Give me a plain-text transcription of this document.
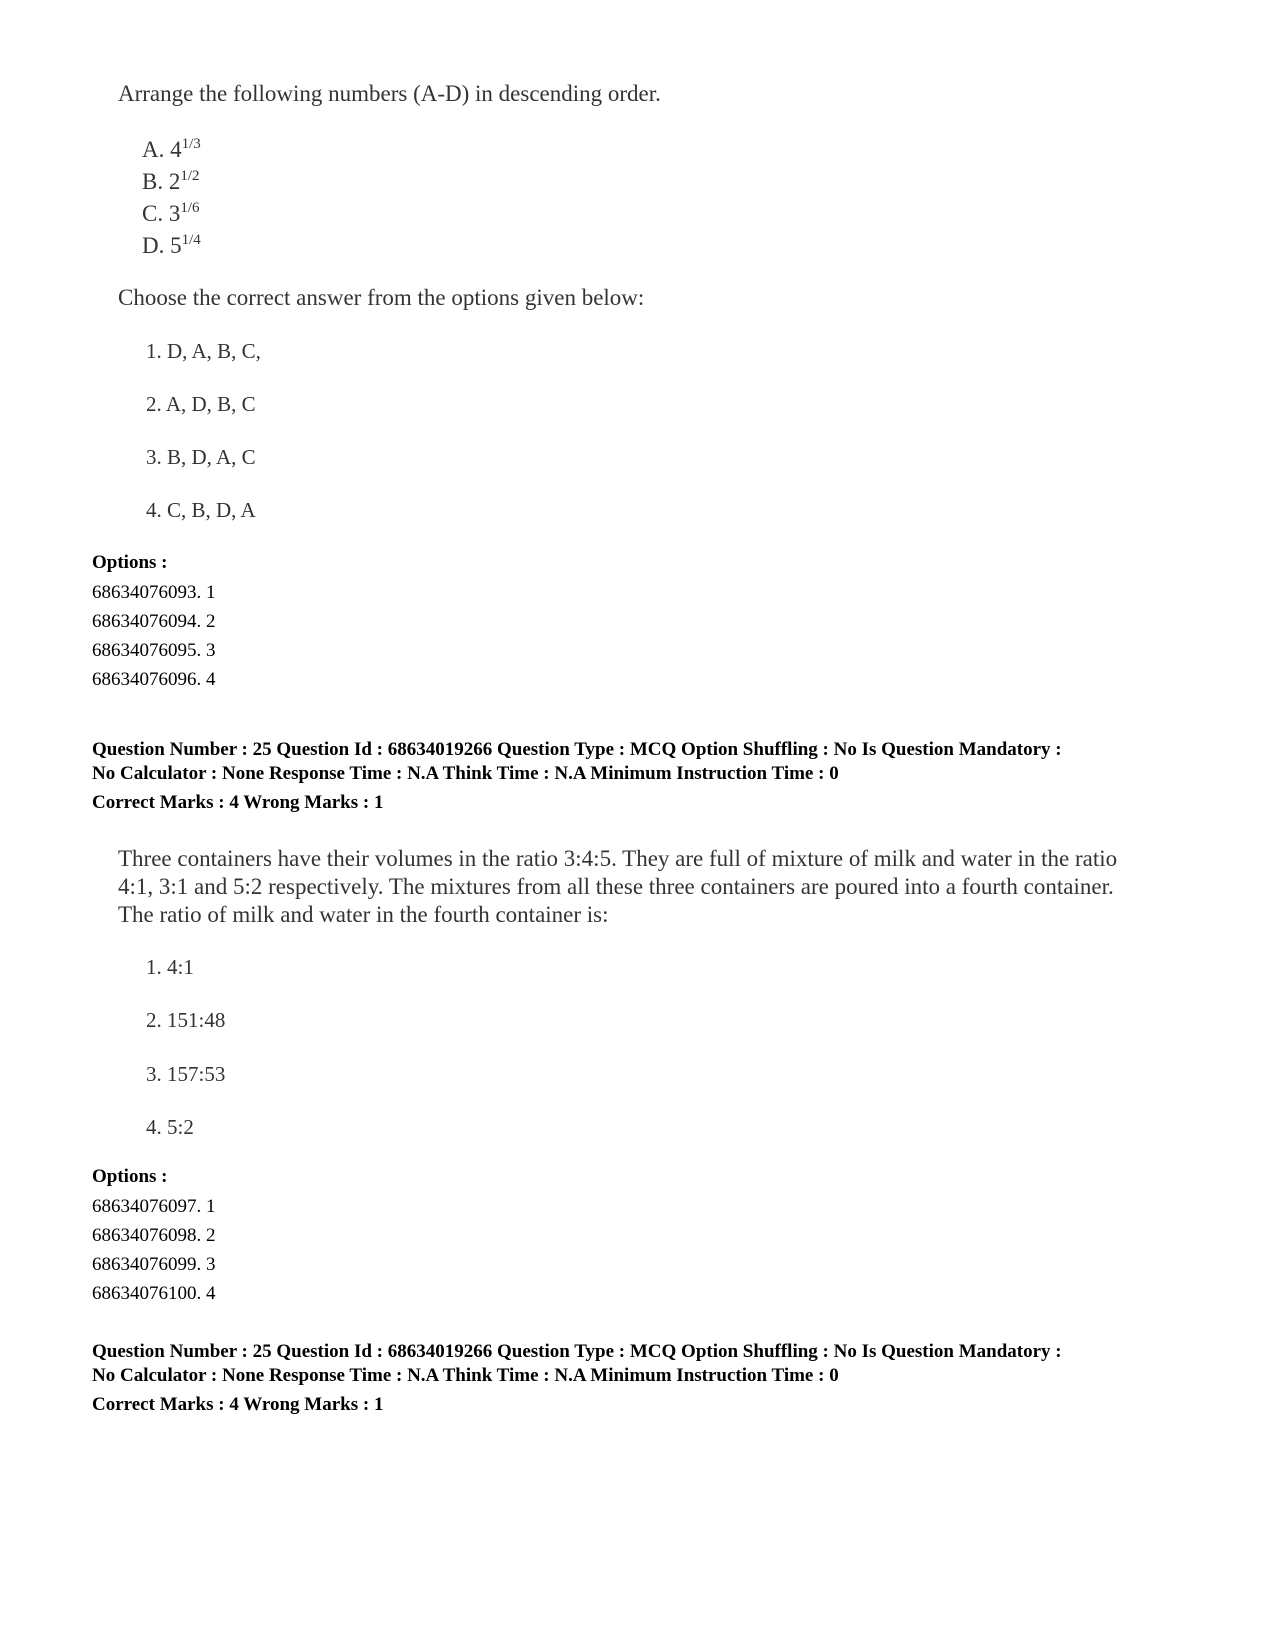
Arrange the following numbers (A-D) in descending order.
A. $4^{1/3}$
B. $2^{1/2}$
C. $3^{1/6}$
D. $5^{1/4}$
Choose the correct answer from the options given below:
1. D, A, B, C,
2. A, D, B, C
3. B, D, A, C
4. C, B, D, A
Options :
68634076093. 1
68634076094. 2
68634076095. 3
68634076096. 4
Question Number : 25 Question Id : 68634019266 Question Type : MCQ Option Shuffling : No Is Question Mandatory :
No Calculator : None Response Time : N.A Think Time : N.A Minimum Instruction Time : 0
Correct Marks : 4 Wrong Marks : 1
Three containers have their volumes in the ratio 3:4:5. They are full of mixture of milk and water in the ratio
4:1, 3:1 and 5:2 respectively. The mixtures from all these three containers are poured into a fourth container.
The ratio of milk and water in the fourth container is:
1. 4:1
2. 151:48
3. 157:53
4. 5:2
Options :
68634076097. 1
68634076098. 2
68634076099. 3
68634076100. 4
Question Number : 25 Question Id : 68634019266 Question Type : MCQ Option Shuffling : No Is Question Mandatory :
No Calculator : None Response Time : N.A Think Time : N.A Minimum Instruction Time : 0
Correct Marks : 4 Wrong Marks : 1
